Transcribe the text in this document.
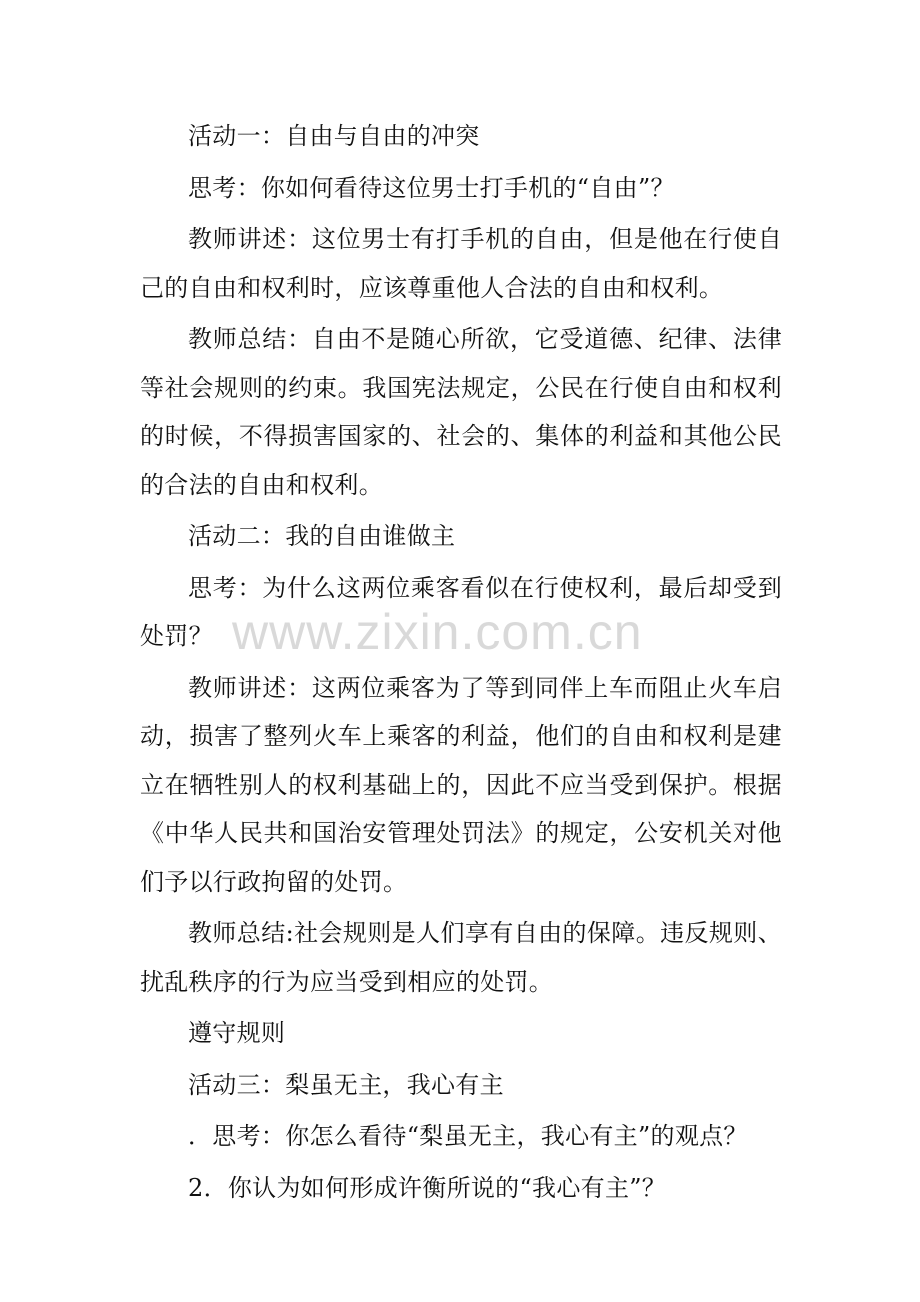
活动一：自由与自由的冲突

思考：你如何看待这位男士打手机的“自由”？

教师讲述：这位男士有打手机的自由，但是他在行使自己的自由和权利时，应该尊重他人合法的自由和权利。

教师总结：自由不是随心所欲，它受道德、纪律、法律等社会规则的约束。我国宪法规定，公民在行使自由和权利的时候，不得损害国家的、社会的、集体的利益和其他公民的合法的自由和权利。

活动二：我的自由谁做主

思考：为什么这两位乘客看似在行使权利，最后却受到处罚？

教师讲述：这两位乘客为了等到同伴上车而阻止火车启动，损害了整列火车上乘客的利益，他们的自由和权利是建立在牺牲别人的权利基础上的，因此不应当受到保护。根据《中华人民共和国治安管理处罚法》的规定，公安机关对他们予以行政拘留的处罚。

教师总结:社会规则是人们享有自由的保障。违反规则、扰乱秩序的行为应当受到相应的处罚。

遵守规则

活动三：梨虽无主，我心有主

．思考：你怎么看待“梨虽无主，我心有主”的观点？

2．你认为如何形成许衡所说的“我心有主”？

www.zixin.com.cn
